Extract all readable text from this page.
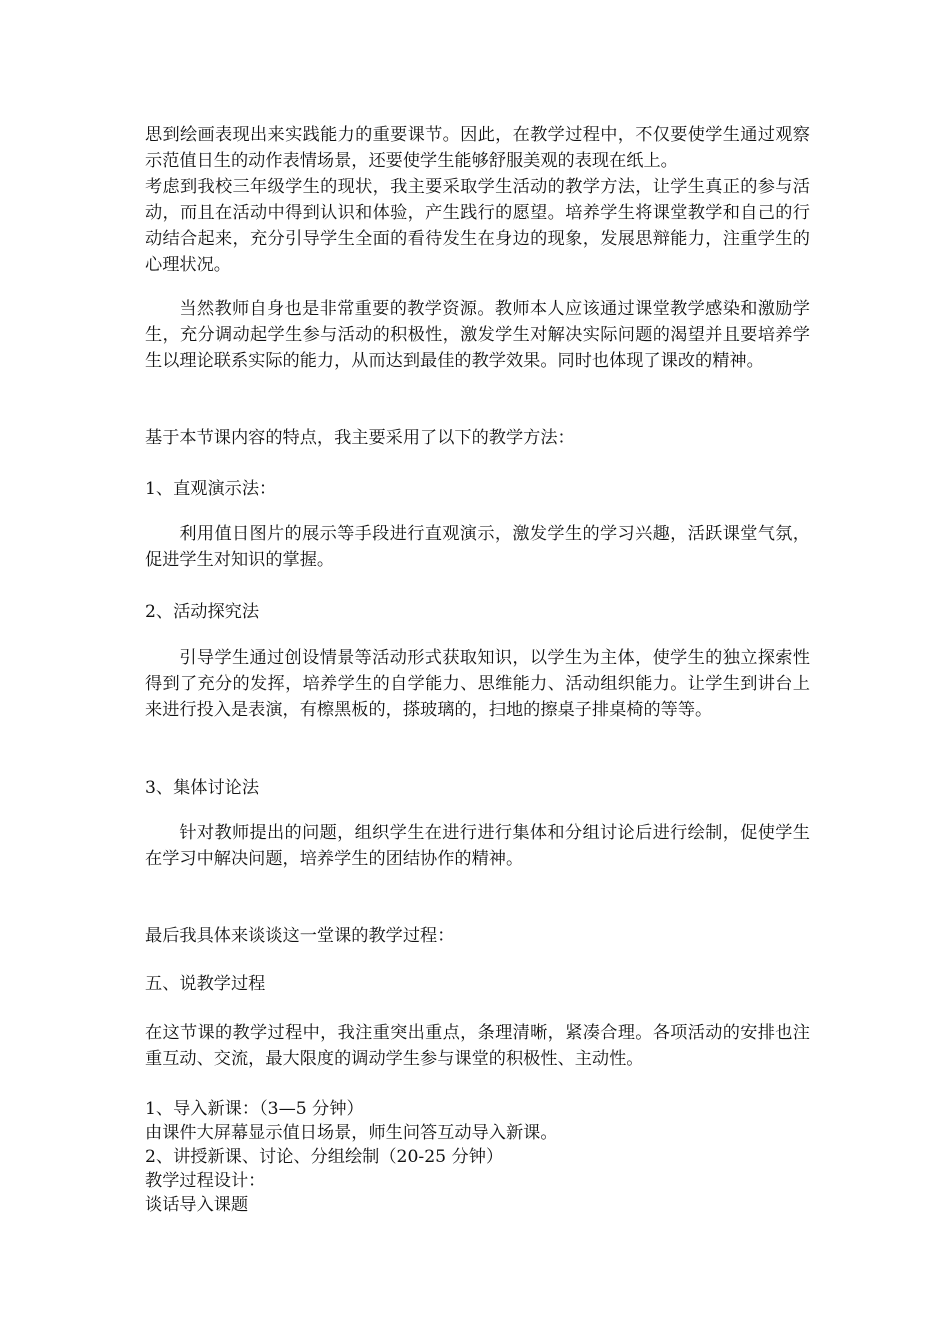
思到绘画表现出来实践能力的重要课节。因此，在教学过程中，不仅要使学生通过观察示范值日生的动作表情场景，还要使学生能够舒服美观的表现在纸上。

考虑到我校三年级学生的现状，我主要采取学生活动的教学方法，让学生真正的参与活动，而且在活动中得到认识和体验，产生践行的愿望。培养学生将课堂教学和自己的行动结合起来，充分引导学生全面的看待发生在身边的现象，发展思辩能力，注重学生的心理状况。

当然教师自身也是非常重要的教学资源。教师本人应该通过课堂教学感染和激励学生，充分调动起学生参与活动的积极性，激发学生对解决实际问题的渴望并且要培养学生以理论联系实际的能力，从而达到最佳的教学效果。同时也体现了课改的精神。

基于本节课内容的特点，我主要采用了以下的教学方法：

1、直观演示法：

利用值日图片的展示等手段进行直观演示，激发学生的学习兴趣，活跃课堂气氛，促进学生对知识的掌握。

2、活动探究法

引导学生通过创设情景等活动形式获取知识，以学生为主体，使学生的独立探索性得到了充分的发挥，培养学生的自学能力、思维能力、活动组织能力。让学生到讲台上来进行投入是表演，有檫黑板的，搽玻璃的，扫地的擦桌子排桌椅的等等。

3、集体讨论法

针对教师提出的问题，组织学生在进行进行集体和分组讨论后进行绘制，促使学生在学习中解决问题，培养学生的团结协作的精神。

最后我具体来谈谈这一堂课的教学过程：

五、说教学过程

在这节课的教学过程中，我注重突出重点，条理清晰，紧凑合理。各项活动的安排也注重互动、交流，最大限度的调动学生参与课堂的积极性、主动性。

1、导入新课：（3—5 分钟）

由课件大屏幕显示值日场景，师生问答互动导入新课。

2、讲授新课、讨论、分组绘制（20-25 分钟）

教学过程设计：

谈话导入课题
